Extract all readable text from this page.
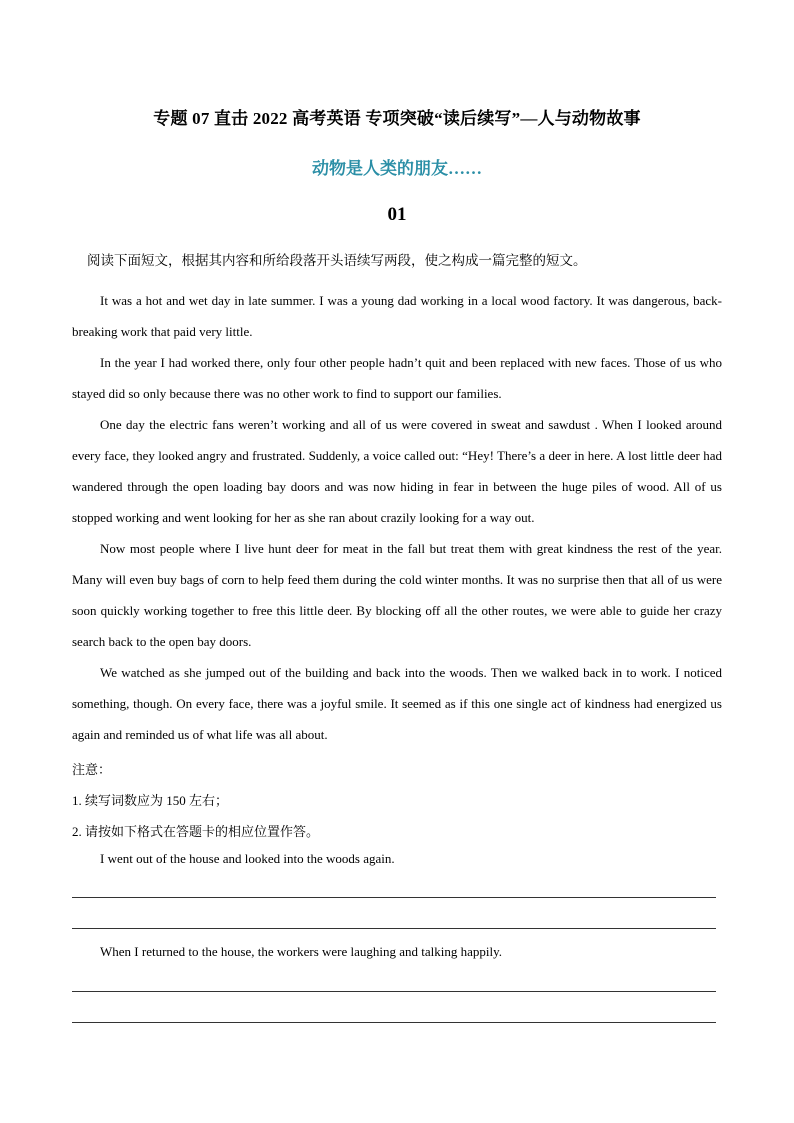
专题 07 直击 2022 高考英语 专项突破“读后续写”—人与动物故事
动物是人类的朋友……
01
阅读下面短文，根据其内容和所给段落开头语续写两段，使之构成一篇完整的短文。

It was a hot and wet day in late summer. I was a young dad working in a local wood factory. It was dangerous, back-breaking work that paid very little.

In the year I had worked there, only four other people hadn’t quit and been replaced with new faces. Those of us who stayed did so only because there was no other work to find to support our families.

One day the electric fans weren’t working and all of us were covered in sweat and sawdust . When I looked around every face, they looked angry and frustrated. Suddenly, a voice called out: “Hey! There’s a deer in here. A lost little deer had wandered through the open loading bay doors and was now hiding in fear in between the huge piles of wood. All of us stopped working and went looking for her as she ran about crazily looking for a way out.

Now most people where I live hunt deer for meat in the fall but treat them with great kindness the rest of the year. Many will even buy bags of corn to help feed them during the cold winter months. It was no surprise then that all of us were soon quickly working together to free this little deer. By blocking off all the other routes, we were able to guide her crazy search back to the open bay doors.

We watched as she jumped out of the building and back into the woods. Then we walked back in to work. I noticed something, though. On every face, there was a joyful smile. It seemed as if this one single act of kindness had energized us again and reminded us of what life was all about.

注意：
1. 续写词数应为 150 左右；
2. 请按如下格式在答题卡的相应位置作答。
I went out of the house and looked into the woods again.
When I returned to the house, the workers were laughing and talking happily.
